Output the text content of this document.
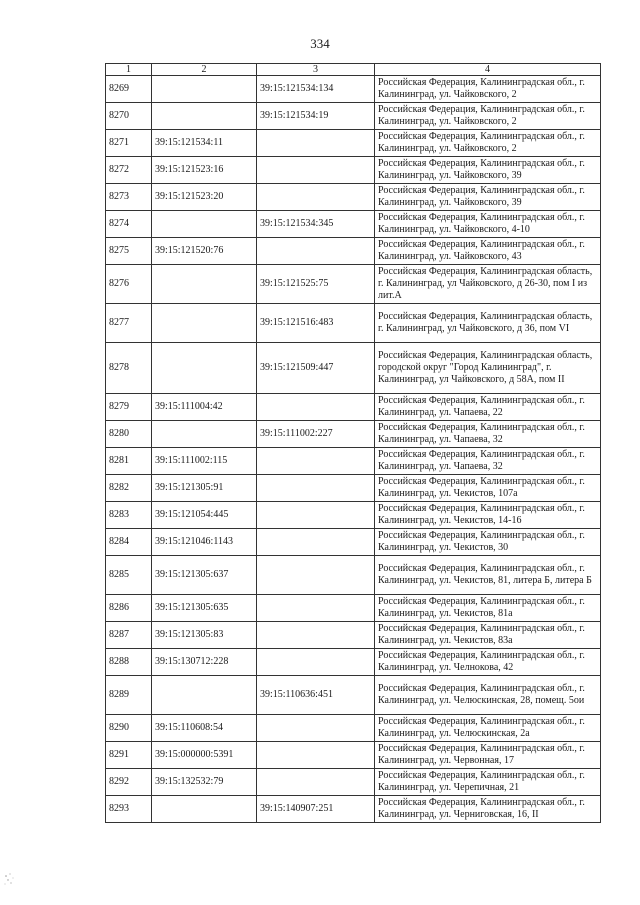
334
1	2	3	4
8269		39:15:121534:134	Российская Федерация, Калининградская обл., г. Калининград, ул. Чайковского, 2
8270		39:15:121534:19	Российская Федерация, Калининградская обл., г. Калининград, ул. Чайковского, 2
8271	39:15:121534:11		Российская Федерация, Калининградская обл., г. Калининград, ул. Чайковского, 2
8272	39:15:121523:16		Российская Федерация, Калининградская обл., г. Калининград, ул. Чайковского, 39
8273	39:15:121523:20		Российская Федерация, Калининградская обл., г. Калининград, ул. Чайковского, 39
8274		39:15:121534:345	Российская Федерация, Калининградская обл., г. Калининград, ул. Чайковского, 4-10
8275	39:15:121520:76		Российская Федерация, Калининградская обл., г. Калининград, ул. Чайковского, 43
8276		39:15:121525:75	Российская Федерация, Калининградская область, г. Калининград, ул Чайковского, д 26-30, пом I из лит.А
8277		39:15:121516:483	Российская Федерация, Калининградская область, г. Калининград, ул Чайковского, д 36, пом VI
8278		39:15:121509:447	Российская Федерация, Калининградская область, городской округ "Город Калининград", г. Калининград, ул Чайковского, д 58А, пом II
8279	39:15:111004:42		Российская Федерация, Калининградская обл., г. Калининград, ул. Чапаева, 22
8280		39:15:111002:227	Российская Федерация, Калининградская обл., г. Калининград, ул. Чапаева, 32
8281	39:15:111002:115		Российская Федерация, Калининградская обл., г. Калининград, ул. Чапаева, 32
8282	39:15:121305:91		Российская Федерация, Калининградская обл., г. Калининград, ул. Чекистов, 107а
8283	39:15:121054:445		Российская Федерация, Калининградская обл., г. Калининград, ул. Чекистов, 14-16
8284	39:15:121046:1143		Российская Федерация, Калининградская обл., г. Калининград, ул. Чекистов, 30
8285	39:15:121305:637		Российская Федерация, Калининградская обл., г. Калининград, ул. Чекистов, 81, литера Б, литера Б
8286	39:15:121305:635		Российская Федерация, Калининградская обл., г. Калининград, ул. Чекистов, 81а
8287	39:15:121305:83		Российская Федерация, Калининградская обл., г. Калининград, ул. Чекистов, 83а
8288	39:15:130712:228		Российская Федерация, Калининградская обл., г. Калининград, ул. Челнокова, 42
8289		39:15:110636:451	Российская Федерация, Калининградская обл., г. Калининград, ул. Челюскинская, 28, помещ. 5ои
8290	39:15:110608:54		Российская Федерация, Калининградская обл., г. Калининград, ул. Челюскинская, 2а
8291	39:15:000000:5391		Российская Федерация, Калининградская обл., г. Калининград, ул. Червонная, 17
8292	39:15:132532:79		Российская Федерация, Калининградская обл., г. Калининград, ул. Черепичная, 21
8293		39:15:140907:251	Российская Федерация, Калининградская обл., г. Калининград, ул. Черниговская, 16, II
